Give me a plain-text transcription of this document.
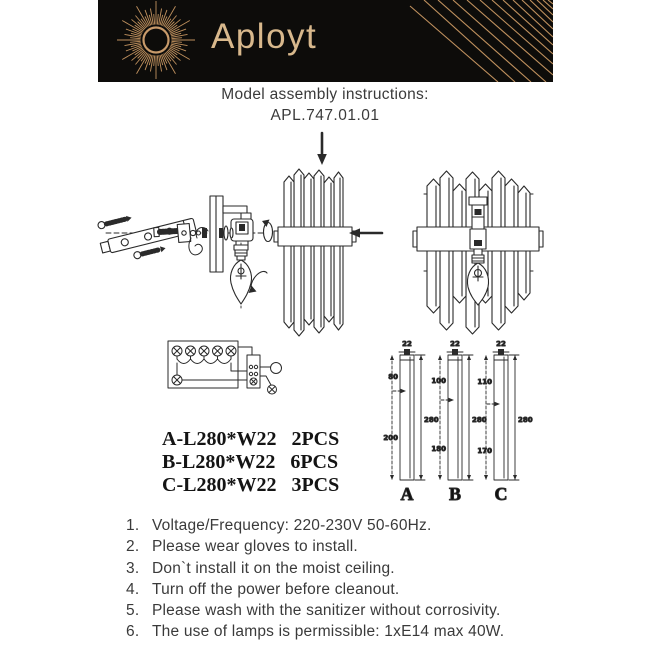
Aployt
Model assembly instructions:
APL.747.01.01
22
80
200
280
A
22
100
180
280
B
22
110
170
280
C
A-L280*W22 2PCS
B-L280*W22 6PCS
C-L280*W22 3PCS
1. Voltage/Frequency: 220-230V 50-60Hz.
2. Please wear gloves to install.
3. Don`t install it on the moist ceiling.
4. Turn off the power before cleanout.
5. Please wash with the sanitizer without corrosivity.
6. The use of lamps is permissible: 1xE14 max 40W.
